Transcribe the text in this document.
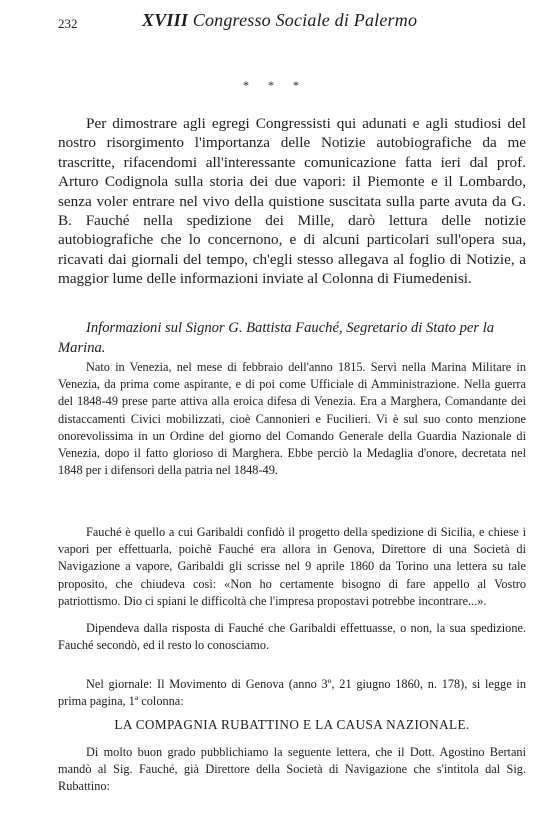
232	XVIII Congresso Sociale di Palermo
* * *

Per dimostrare agli egregi Congressisti qui adunati e agli studiosi del nostro risorgimento l'importanza delle Notizie autobiografiche da me trascritte, rifacendomi all'interessante comunicazione fatta ieri dal prof. Arturo Codignola sulla storia dei due vapori: il Piemonte e il Lombardo, senza voler entrare nel vivo della quistione suscitata sulla parte avuta da G. B. Fauché nella spedizione dei Mille, darò lettura delle notizie autobiografiche che lo concernono, e di alcuni particolari sull'opera sua, ricavati dai giornali del tempo, ch'egli stesso allegava al foglio di Notizie, a maggior lume delle informazioni inviate al Colonna di Fiumedenisi.

Informazioni sul Signor G. Battista Fauché, Segretario di Stato per la Marina.

Nato in Venezia, nel mese di febbraio dell'anno 1815. Servì nella Marina Militare in Venezia, da prima come aspirante, e di poi come Ufficiale di Amministrazione. Nella guerra del 1848-49 prese parte attiva alla eroica difesa di Venezia. Era a Marghera, Comandante dei distaccamenti Civici mobilizzati, cioè Cannonieri e Fucilieri. Vi è sul suo conto menzione onorevolissima in un Ordine del giorno del Comando Generale della Guardia Nazionale di Venezia, dopo il fatto glorioso di Marghera. Ebbe perciò la Medaglia d'onore, decretata nel 1848 per i difensori della patria nel 1848-49.

Fauché è quello a cui Garibaldi confidò il progetto della spedizione di Sicilia, e chiese i vapori per effettuarla, poichè Fauché era allora in Genova, Direttore di una Società di Navigazione a vapore, Garibaldi gli scrisse nel 9 aprile 1860 da Torino una lettera su tale proposito, che chiudeva così: «Non ho certamente bisogno di fare appello al Vostro patriottismo. Dio ci spiani le difficoltà che l'impresa propostavi potrebbe incontrare...».

Dipendeva dalla risposta di Fauché che Garibaldi effettuasse, o non, la sua spedizione. Fauché secondò, ed il resto lo conosciamo.

Nel giornale: Il Movimento di Genova (anno 3º, 21 giugno 1860, n. 178), si legge in prima pagina, 1ª colonna:

LA COMPAGNIA RUBATTINO E LA CAUSA NAZIONALE.

Di molto buon grado pubblichiamo la seguente lettera, che il Dott. Agostino Bertani mandò al Sig. Fauché, già Direttore della Società di Navigazione che s'intitola dal Sig. Rubattino:
